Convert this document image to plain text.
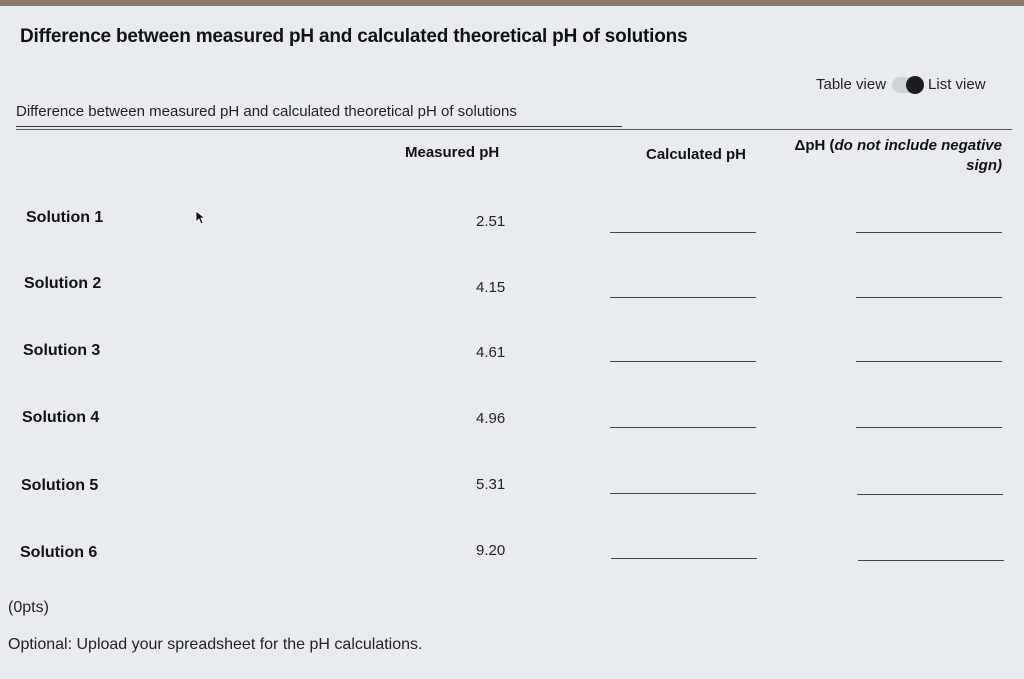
Difference between measured pH and calculated theoretical pH of solutions
Table view	List view
Difference between measured pH and calculated theoretical pH of solutions
Measured pH	Calculated pH
ΔpH (do not include negative
sign)
Solution 1	2.51
Solution 2	4.15
Solution 3	4.61
Solution 4	4.96
Solution 5	5.31
Solution 6	9.20
(0pts)
Optional: Upload your spreadsheet for the pH calculations.
